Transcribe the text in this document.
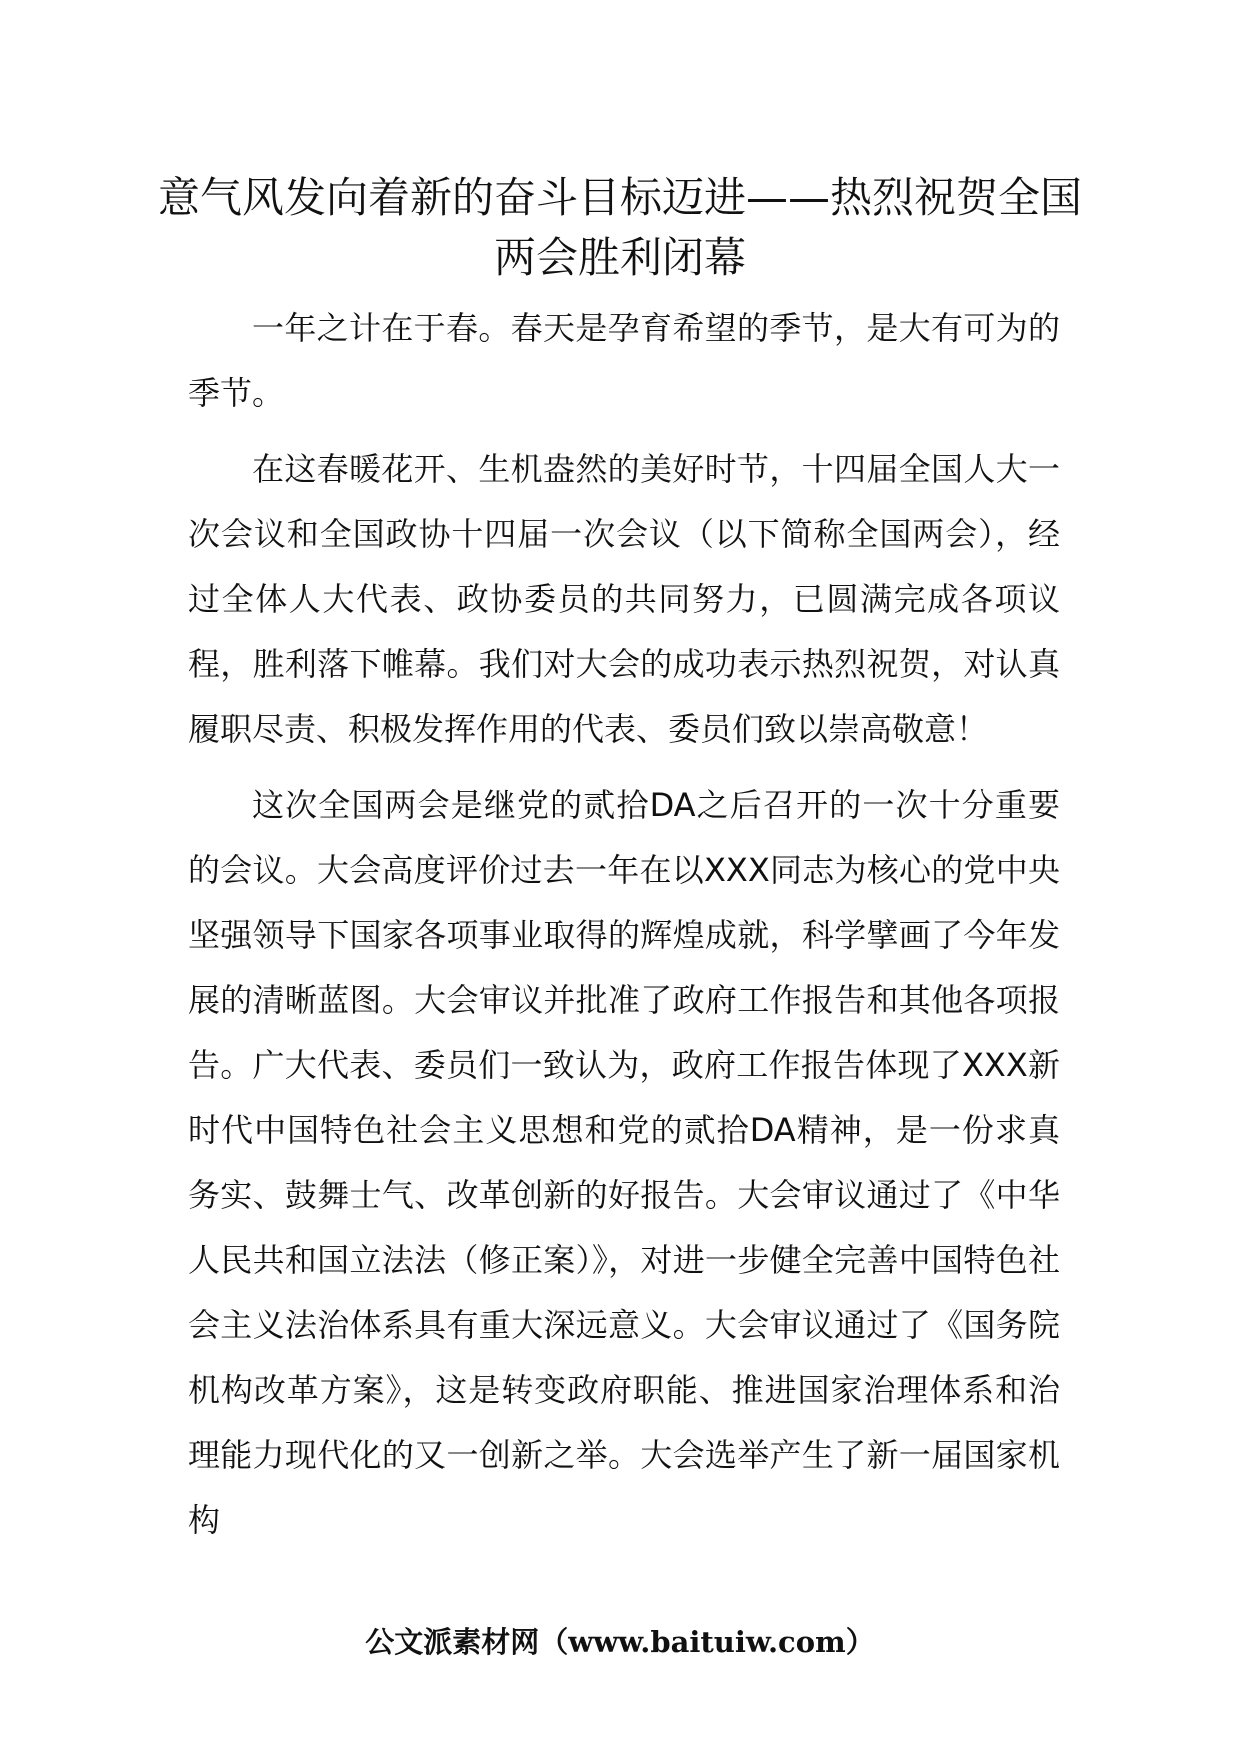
意气风发向着新的奋斗目标迈进——热烈祝贺全国两会胜利闭幕

一年之计在于春。春天是孕育希望的季节，是大有可为的季节。

在这春暖花开、生机盎然的美好时节，十四届全国人大一次会议和全国政协十四届一次会议（以下简称全国两会），经过全体人大代表、政协委员的共同努力，已圆满完成各项议程，胜利落下帷幕。我们对大会的成功表示热烈祝贺，对认真履职尽责、积极发挥作用的代表、委员们致以崇高敬意！

这次全国两会是继党的贰拾DA之后召开的一次十分重要的会议。大会高度评价过去一年在以XXX同志为核心的党中央坚强领导下国家各项事业取得的辉煌成就，科学擘画了今年发展的清晰蓝图。大会审议并批准了政府工作报告和其他各项报告。广大代表、委员们一致认为，政府工作报告体现了XXX新时代中国特色社会主义思想和党的贰拾DA精神，是一份求真务实、鼓舞士气、改革创新的好报告。大会审议通过了《中华人民共和国立法法（修正案）》，对进一步健全完善中国特色社会主义法治体系具有重大深远意义。大会审议通过了《国务院机构改革方案》，这是转变政府职能、推进国家治理体系和治理能力现代化的又一创新之举。大会选举产生了新一届国家机构

公文派素材网（www.baituiw.com）
